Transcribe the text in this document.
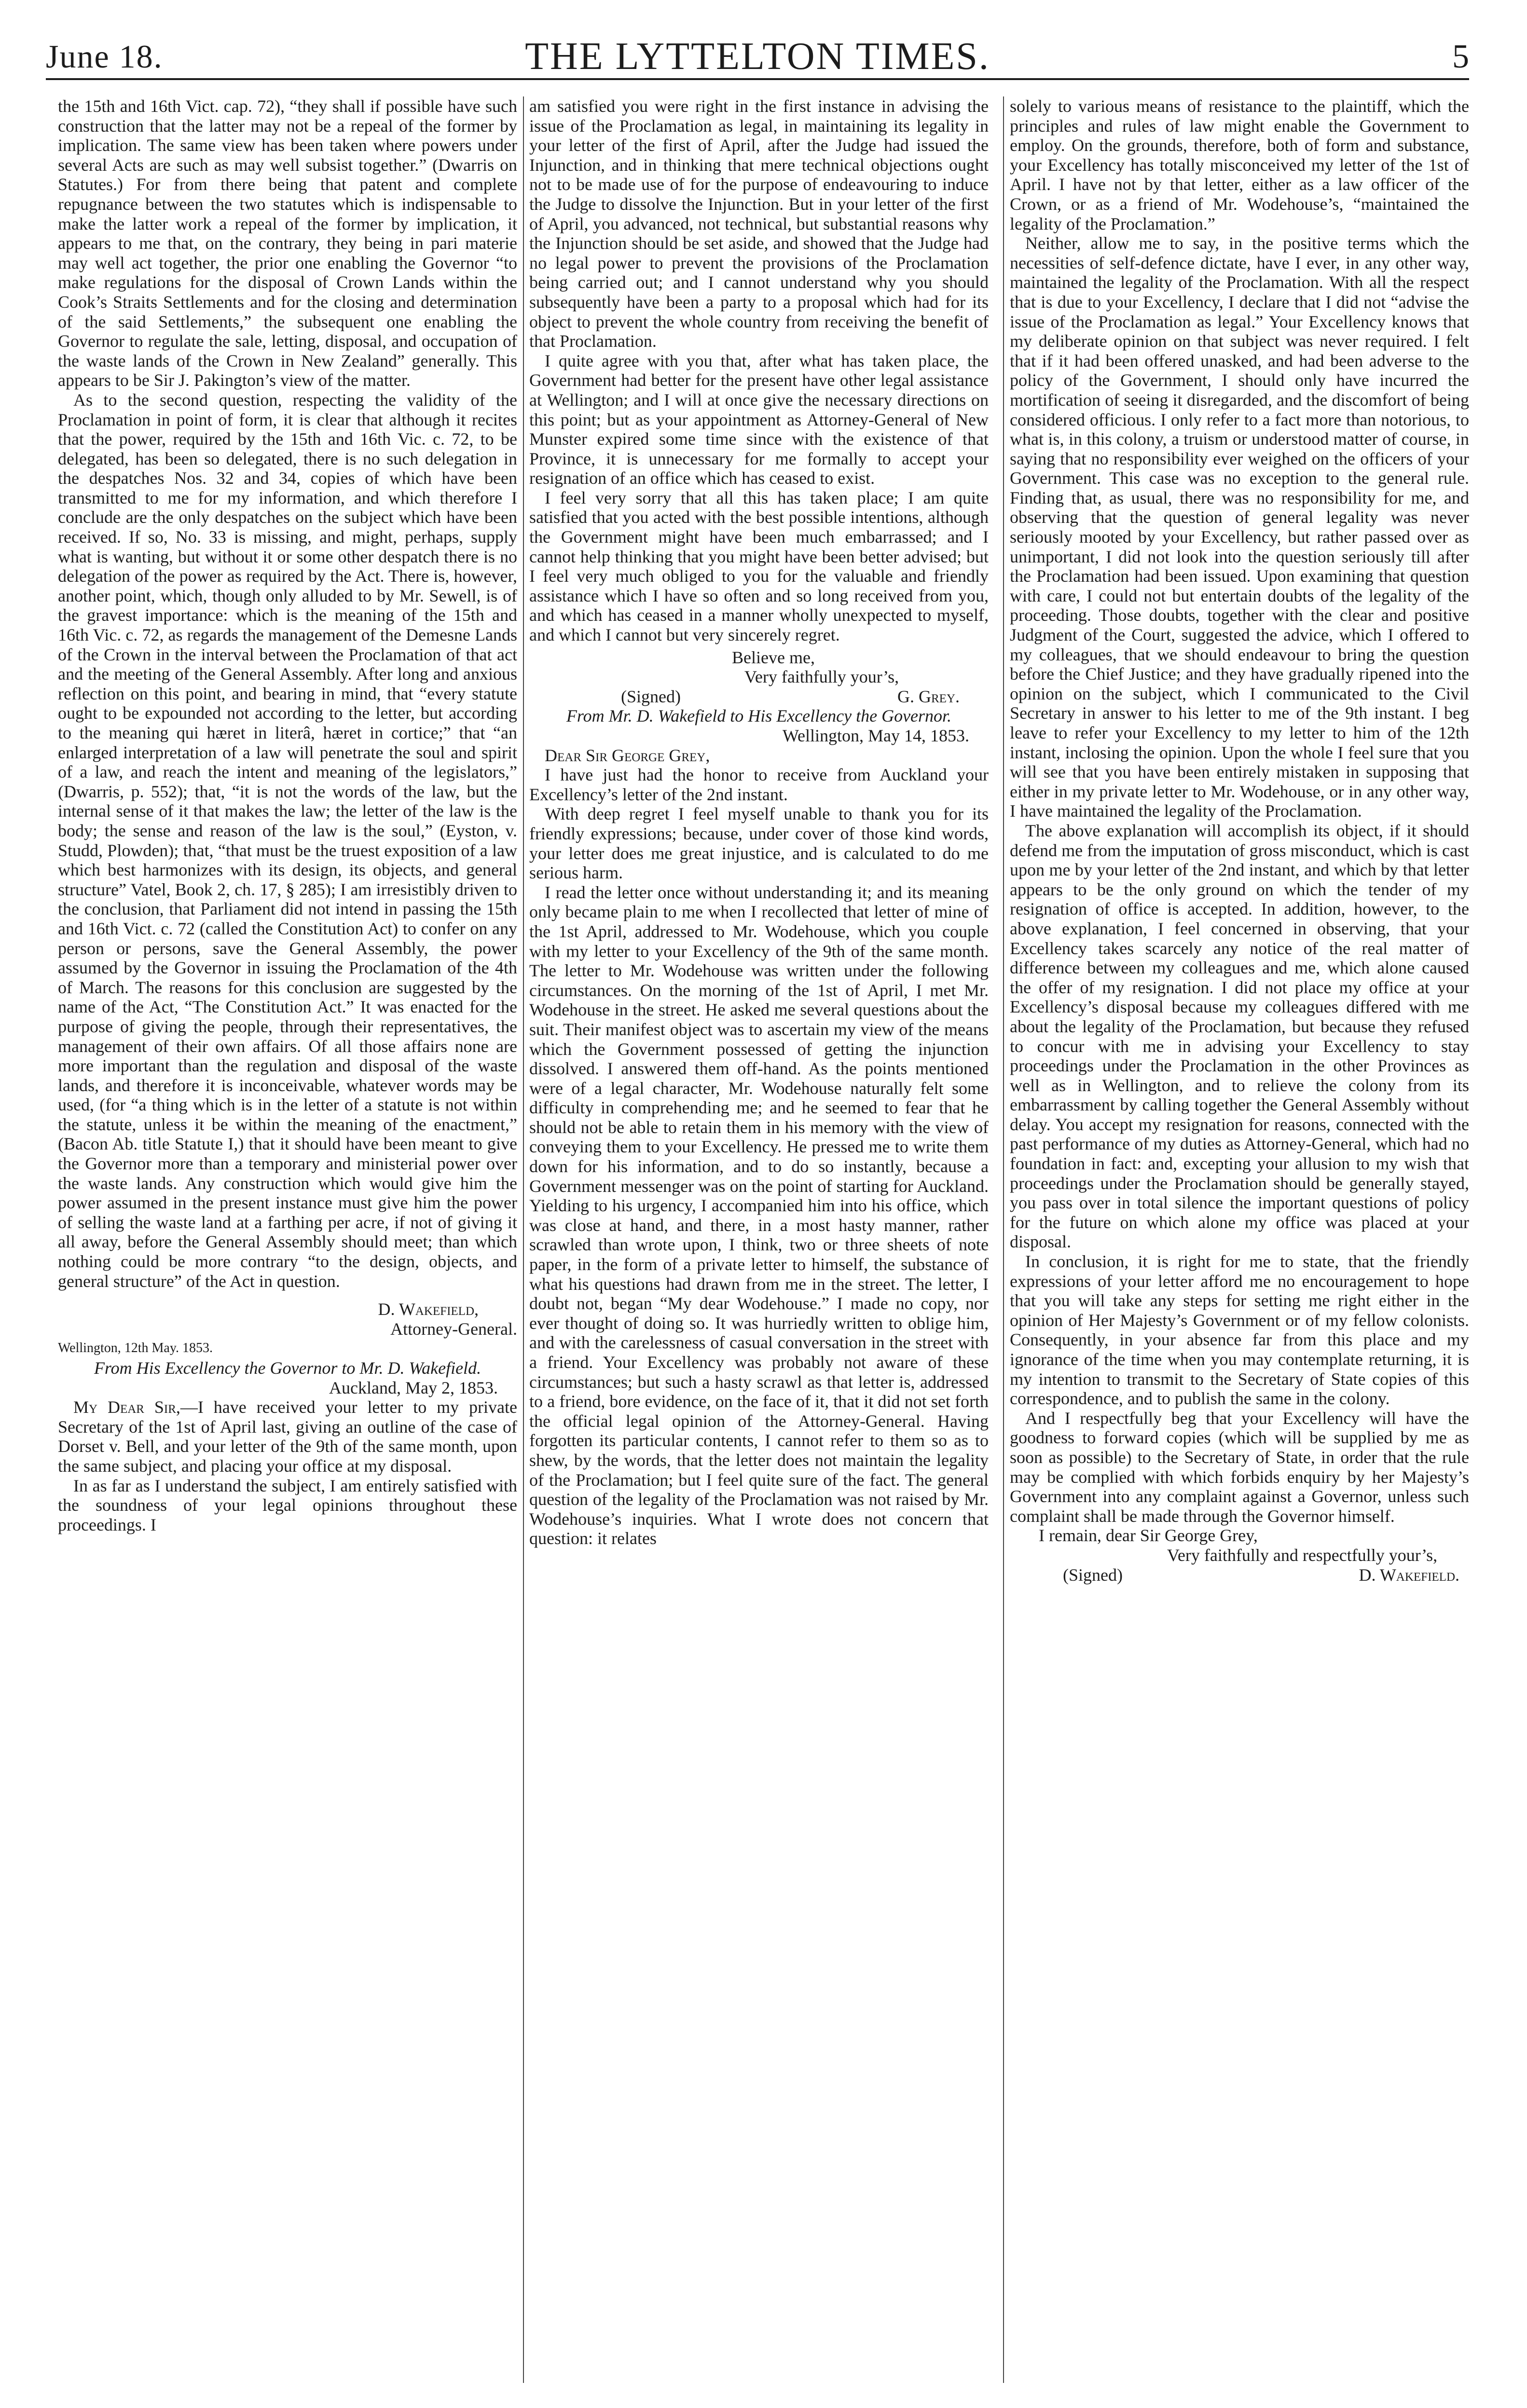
June 18.	THE LYTTELTON TIMES.	5

the 15th and 16th Vict. cap. 72), “they shall if possible have such construction that the latter may not be a repeal of the former by implication. The same view has been taken where powers under several Acts are such as may well subsist together.” (Dwarris on Statutes.) For from there being that patent and complete repugnance between the two statutes which is indispensable to make the latter work a repeal of the former by implication, it appears to me that, on the contrary, they being in pari materie may well act together, the prior one enabling the Governor “to make regulations for the disposal of Crown Lands within the Cook’s Straits Settlements and for the closing and determination of the said Settlements,” the subsequent one enabling the Governor to regulate the sale, letting, disposal, and occupation of the waste lands of the Crown in New Zealand” generally. This appears to be Sir J. Pakington’s view of the matter.

As to the second question, respecting the validity of the Proclamation in point of form, it is clear that although it recites that the power, required by the 15th and 16th Vic. c. 72, to be delegated, has been so delegated, there is no such delegation in the despatches Nos. 32 and 34, copies of which have been transmitted to me for my information, and which therefore I conclude are the only despatches on the subject which have been received. If so, No. 33 is missing, and might, perhaps, supply what is wanting, but without it or some other despatch there is no delegation of the power as required by the Act. There is, however, another point, which, though only alluded to by Mr. Sewell, is of the gravest importance: which is the meaning of the 15th and 16th Vic. c. 72, as regards the management of the Demesne Lands of the Crown in the interval between the Proclamation of that act and the meeting of the General Assembly. After long and anxious reflection on this point, and bearing in mind, that “every statute ought to be expounded not according to the letter, but according to the meaning qui hæret in literâ, hæret in cortice;” that “an enlarged interpretation of a law will penetrate the soul and spirit of a law, and reach the intent and meaning of the legislators,” (Dwarris, p. 552); that, “it is not the words of the law, but the internal sense of it that makes the law; the letter of the law is the body; the sense and reason of the law is the soul,” (Eyston, v. Studd, Plowden); that, “that must be the truest exposition of a law which best harmonizes with its design, its objects, and general structure” Vatel, Book 2, ch. 17, § 285); I am irresistibly driven to the conclusion, that Parliament did not intend in passing the 15th and 16th Vict. c. 72 (called the Constitution Act) to confer on any person or persons, save the General Assembly, the power assumed by the Governor in issuing the Proclamation of the 4th of March. The reasons for this conclusion are suggested by the name of the Act, “The Constitution Act.” It was enacted for the purpose of giving the people, through their representatives, the management of their own affairs. Of all those affairs none are more important than the regulation and disposal of the waste lands, and therefore it is inconceivable, whatever words may be used, (for “a thing which is in the letter of a statute is not within the statute, unless it be within the meaning of the enactment,” (Bacon Ab. title Statute I,) that it should have been meant to give the Governor more than a temporary and ministerial power over the waste lands. Any construction which would give him the power assumed in the present instance must give him the power of selling the waste land at a farthing per acre, if not of giving it all away, before the General Assembly should meet; than which nothing could be more contrary “to the design, objects, and general structure” of the Act in question.

D. Wakefield,
Attorney-General.

Wellington, 12th May. 1853.

From His Excellency the Governor to Mr. D. Wakefield.

Auckland, May 2, 1853.

My Dear Sir,—I have received your letter to my private Secretary of the 1st of April last, giving an outline of the case of Dorset v. Bell, and your letter of the 9th of the same month, upon the same subject, and placing your office at my disposal.

In as far as I understand the subject, I am entirely satisfied with the soundness of your legal opinions throughout these proceedings. I

am satisfied you were right in the first instance in advising the issue of the Proclamation as legal, in maintaining its legality in your letter of the first of April, after the Judge had issued the Injunction, and in thinking that mere technical objections ought not to be made use of for the purpose of endeavouring to induce the Judge to dissolve the Injunction. But in your letter of the first of April, you advanced, not technical, but substantial reasons why the Injunction should be set aside, and showed that the Judge had no legal power to prevent the provisions of the Proclamation being carried out; and I cannot understand why you should subsequently have been a party to a proposal which had for its object to prevent the whole country from receiving the benefit of that Proclamation.

I quite agree with you that, after what has taken place, the Government had better for the present have other legal assistance at Wellington; and I will at once give the necessary directions on this point; but as your appointment as Attorney-General of New Munster expired some time since with the existence of that Province, it is unnecessary for me formally to accept your resignation of an office which has ceased to exist.

I feel very sorry that all this has taken place; I am quite satisfied that you acted with the best possible intentions, although the Government might have been much embarrassed; and I cannot help thinking that you might have been better advised; but I feel very much obliged to you for the valuable and friendly assistance which I have so often and so long received from you, and which has ceased in a manner wholly unexpected to myself, and which I cannot but very sincerely regret.

Believe me,
Very faithfully your’s,
(Signed)	G. Grey.

From Mr. D. Wakefield to His Excellency the Governor.

Wellington, May 14, 1853.

Dear Sir George Grey,

I have just had the honor to receive from Auckland your Excellency’s letter of the 2nd instant.

With deep regret I feel myself unable to thank you for its friendly expressions; because, under cover of those kind words, your letter does me great injustice, and is calculated to do me serious harm.

I read the letter once without understanding it; and its meaning only became plain to me when I recollected that letter of mine of the 1st April, addressed to Mr. Wodehouse, which you couple with my letter to your Excellency of the 9th of the same month. The letter to Mr. Wodehouse was written under the following circumstances. On the morning of the 1st of April, I met Mr. Wodehouse in the street. He asked me several questions about the suit. Their manifest object was to ascertain my view of the means which the Government possessed of getting the injunction dissolved. I answered them off-hand. As the points mentioned were of a legal character, Mr. Wodehouse naturally felt some difficulty in comprehending me; and he seemed to fear that he should not be able to retain them in his memory with the view of conveying them to your Excellency. He pressed me to write them down for his information, and to do so instantly, because a Government messenger was on the point of starting for Auckland. Yielding to his urgency, I accompanied him into his office, which was close at hand, and there, in a most hasty manner, rather scrawled than wrote upon, I think, two or three sheets of note paper, in the form of a private letter to himself, the substance of what his questions had drawn from me in the street. The letter, I doubt not, began “My dear Wodehouse.” I made no copy, nor ever thought of doing so. It was hurriedly written to oblige him, and with the carelessness of casual conversation in the street with a friend. Your Excellency was probably not aware of these circumstances; but such a hasty scrawl as that letter is, addressed to a friend, bore evidence, on the face of it, that it did not set forth the official legal opinion of the Attorney-General. Having forgotten its particular contents, I cannot refer to them so as to shew, by the words, that the letter does not maintain the legality of the Proclamation; but I feel quite sure of the fact. The general question of the legality of the Proclamation was not raised by Mr. Wodehouse’s inquiries. What I wrote does not concern that question: it relates

solely to various means of resistance to the plaintiff, which the principles and rules of law might enable the Government to employ. On the grounds, therefore, both of form and substance, your Excellency has totally misconceived my letter of the 1st of April. I have not by that letter, either as a law officer of the Crown, or as a friend of Mr. Wodehouse’s, “maintained the legality of the Proclamation.”

Neither, allow me to say, in the positive terms which the necessities of self-defence dictate, have I ever, in any other way, maintained the legality of the Proclamation. With all the respect that is due to your Excellency, I declare that I did not “advise the issue of the Proclamation as legal.” Your Excellency knows that my deliberate opinion on that subject was never required. I felt that if it had been offered unasked, and had been adverse to the policy of the Government, I should only have incurred the mortification of seeing it disregarded, and the discomfort of being considered officious. I only refer to a fact more than notorious, to what is, in this colony, a truism or understood matter of course, in saying that no responsibility ever weighed on the officers of your Government. This case was no exception to the general rule. Finding that, as usual, there was no responsibility for me, and observing that the question of general legality was never seriously mooted by your Excellency, but rather passed over as unimportant, I did not look into the question seriously till after the Proclamation had been issued. Upon examining that question with care, I could not but entertain doubts of the legality of the proceeding. Those doubts, together with the clear and positive Judgment of the Court, suggested the advice, which I offered to my colleagues, that we should endeavour to bring the question before the Chief Justice; and they have gradually ripened into the opinion on the subject, which I communicated to the Civil Secretary in answer to his letter to me of the 9th instant. I beg leave to refer your Excellency to my letter to him of the 12th instant, inclosing the opinion. Upon the whole I feel sure that you will see that you have been entirely mistaken in supposing that either in my private letter to Mr. Wodehouse, or in any other way, I have maintained the legality of the Proclamation.

The above explanation will accomplish its object, if it should defend me from the imputation of gross misconduct, which is cast upon me by your letter of the 2nd instant, and which by that letter appears to be the only ground on which the tender of my resignation of office is accepted. In addition, however, to the above explanation, I feel concerned in observing, that your Excellency takes scarcely any notice of the real matter of difference between my colleagues and me, which alone caused the offer of my resignation. I did not place my office at your Excellency’s disposal because my colleagues differed with me about the legality of the Proclamation, but because they refused to concur with me in advising your Excellency to stay proceedings under the Proclamation in the other Provinces as well as in Wellington, and to relieve the colony from its embarrassment by calling together the General Assembly without delay. You accept my resignation for reasons, connected with the past performance of my duties as Attorney-General, which had no foundation in fact: and, excepting your allusion to my wish that proceedings under the Proclamation should be generally stayed, you pass over in total silence the important questions of policy for the future on which alone my office was placed at your disposal.

In conclusion, it is right for me to state, that the friendly expressions of your letter afford me no encouragement to hope that you will take any steps for setting me right either in the opinion of Her Majesty’s Government or of my fellow colonists. Consequently, in your absence far from this place and my ignorance of the time when you may contemplate returning, it is my intention to transmit to the Secretary of State copies of this correspondence, and to publish the same in the colony.

And I respectfully beg that your Excellency will have the goodness to forward copies (which will be supplied by me as soon as possible) to the Secretary of State, in order that the rule may be complied with which forbids enquiry by her Majesty’s Government into any complaint against a Governor, unless such complaint shall be made through the Governor himself.

I remain, dear Sir George Grey,
Very faithfully and respectfully your’s,
(Signed)	D. Wakefield.
